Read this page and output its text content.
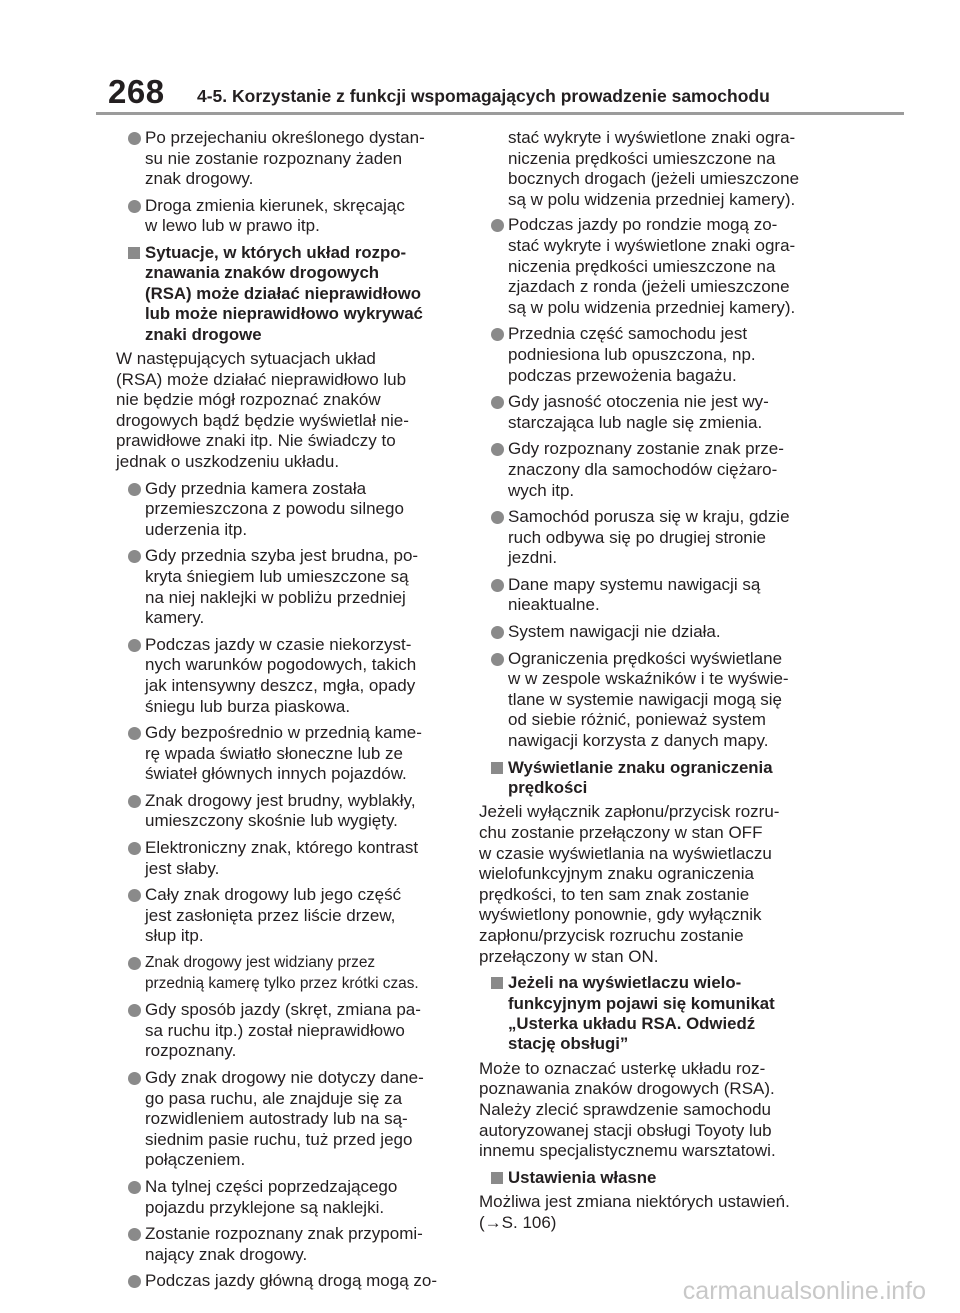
268 4-5. Korzystanie z funkcji wspomagających prowadzenie samochodu
Po przejechaniu określonego dystan-
su nie zostanie rozpoznany żaden
znak drogowy.
Droga zmienia kierunek, skręcając
w lewo lub w prawo itp.
Sytuacje, w których układ rozpo-
znawania znaków drogowych
(RSA) może działać nieprawidłowo
lub może nieprawidłowo wykrywać
znaki drogowe
W następujących sytuacjach układ
(RSA) może działać nieprawidłowo lub
nie będzie mógł rozpoznać znaków
drogowych bądź będzie wyświetlał nie-
prawidłowe znaki itp. Nie świadczy to
jednak o uszkodzeniu układu.
Gdy przednia kamera została
przemieszczona z powodu silnego
uderzenia itp.
Gdy przednia szyba jest brudna, po-
kryta śniegiem lub umieszczone są
na niej naklejki w pobliżu przedniej
kamery.
Podczas jazdy w czasie niekorzyst-
nych warunków pogodowych, takich
jak intensywny deszcz, mgła, opady
śniegu lub burza piaskowa.
Gdy bezpośrednio w przednią kame-
rę wpada światło słoneczne lub ze
świateł głównych innych pojazdów.
Znak drogowy jest brudny, wyblakły,
umieszczony skośnie lub wygięty.
Elektroniczny znak, którego kontrast
jest słaby.
Cały znak drogowy lub jego część
jest zasłonięta przez liście drzew,
słup itp.
Znak drogowy jest widziany przez
przednią kamerę tylko przez krótki czas.
Gdy sposób jazdy (skręt, zmiana pa-
sa ruchu itp.) został nieprawidłowo
rozpoznany.
Gdy znak drogowy nie dotyczy dane-
go pasa ruchu, ale znajduje się za
rozwidleniem autostrady lub na są-
siednim pasie ruchu, tuż przed jego
połączeniem.
Na tylnej części poprzedzającego
pojazdu przyklejone są naklejki.
Zostanie rozpoznany znak przypomi-
nający znak drogowy.
Podczas jazdy główną drogą mogą zo-
stać wykryte i wyświetlone znaki ogra-
niczenia prędkości umieszczone na
bocznych drogach (jeżeli umieszczone
są w polu widzenia przedniej kamery).
Podczas jazdy po rondzie mogą zo-
stać wykryte i wyświetlone znaki ogra-
niczenia prędkości umieszczone na
zjazdach z ronda (jeżeli umieszczone
są w polu widzenia przedniej kamery).
Przednia część samochodu jest
podniesiona lub opuszczona, np.
podczas przewożenia bagażu.
Gdy jasność otoczenia nie jest wy-
starczająca lub nagle się zmienia.
Gdy rozpoznany zostanie znak prze-
znaczony dla samochodów ciężaro-
wych itp.
Samochód porusza się w kraju, gdzie
ruch odbywa się po drugiej stronie
jezdni.
Dane mapy systemu nawigacji są
nieaktualne.
System nawigacji nie działa.
Ograniczenia prędkości wyświetlane
w w zespole wskaźników i te wyświe-
tlane w systemie nawigacji mogą się
od siebie różnić, ponieważ system
nawigacji korzysta z danych mapy.
Wyświetlanie znaku ograniczenia
prędkości
Jeżeli wyłącznik zapłonu/przycisk rozru-
chu zostanie przełączony w stan OFF
w czasie wyświetlania na wyświetlaczu
wielofunkcyjnym znaku ograniczenia
prędkości, to ten sam znak zostanie
wyświetlony ponownie, gdy wyłącznik
zapłonu/przycisk rozruchu zostanie
przełączony w stan ON.
Jeżeli na wyświetlaczu wielo-
funkcyjnym pojawi się komunikat
„Usterka układu RSA. Odwiedź
stację obsługi”
Może to oznaczać usterkę układu roz-
poznawania znaków drogowych (RSA).
Należy zlecić sprawdzenie samochodu
autoryzowanej stacji obsługi Toyoty lub
innemu specjalistycznemu warsztatowi.
Ustawienia własne
Możliwa jest zmiana niektórych ustawień.
(→S. 106)
carmanualsonline.info
